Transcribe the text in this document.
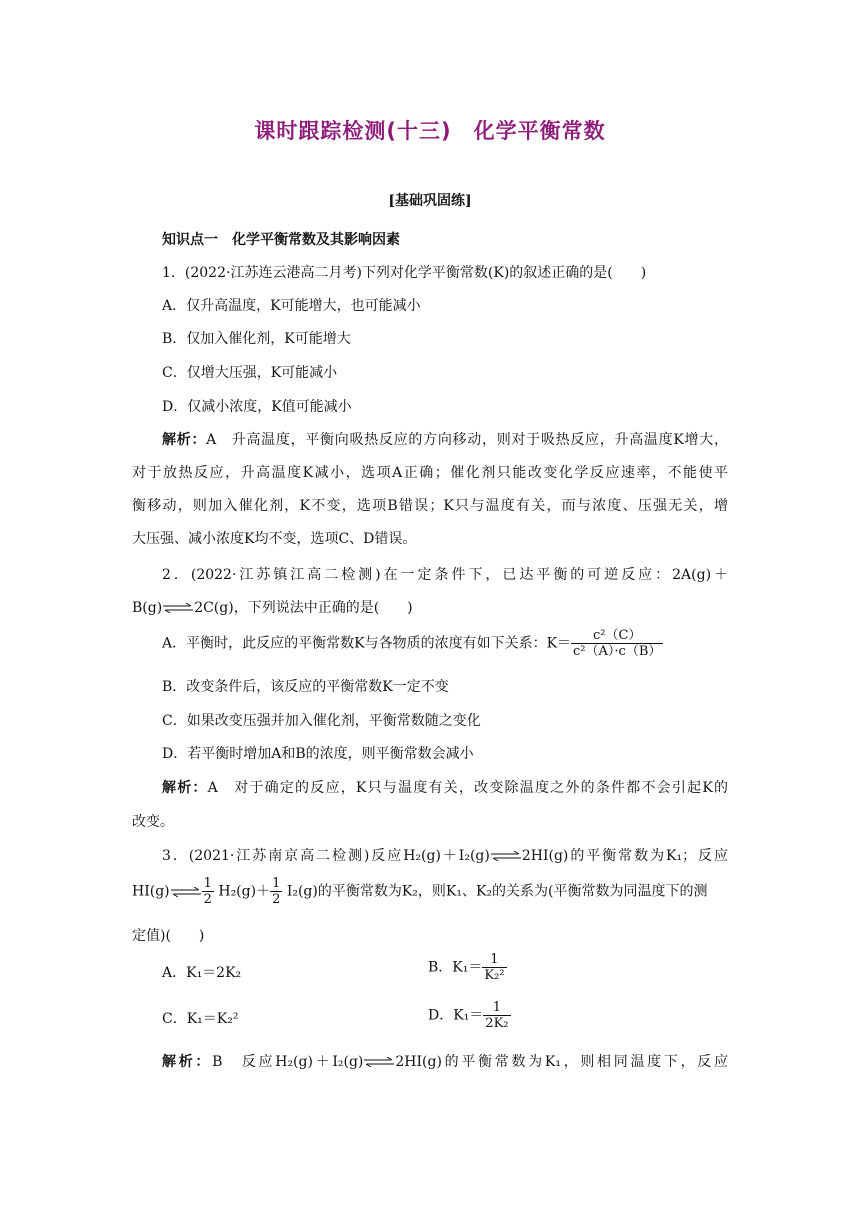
课时跟踪检测(十三)　化学平衡常数
[基础巩固练]
知识点一　化学平衡常数及其影响因素
1．(2022·江苏连云港高二月考)下列对化学平衡常数(K)的叙述正确的是(　　)
A．仅升高温度，K可能增大，也可能减小
B．仅加入催化剂，K可能增大
C．仅增大压强，K可能减小
D．仅减小浓度，K值可能减小
解析：A　升高温度，平衡向吸热反应的方向移动，则对于吸热反应，升高温度K增大，
对于放热反应，升高温度K减小，选项A正确；催化剂只能改变化学反应速率，不能使平
衡移动，则加入催化剂，K不变，选项B错误；K只与温度有关，而与浓度、压强无关，增
大压强、减小浓度K均不变，选项C、D错误。
2．(2022·江苏镇江高二检测)在一定条件下，已达平衡的可逆反应：2A(g)＋
B(g)⇌2C(g)，下列说法中正确的是(　　)
A．平衡时，此反应的平衡常数K与各物质的浓度有如下关系：$K= \frac{\text{c²（C）}}{\text{c²（A）·c（B）}}$
B．改变条件后，该反应的平衡常数K一定不变
C．如果改变压强并加入催化剂，平衡常数随之变化
D．若平衡时增加A和B的浓度，则平衡常数会减小
解析：A　对于确定的反应，K只与温度有关，改变除温度之外的条件都不会引起K的
改变。
3．(2021·江苏南京高二检测)反应H₂(g)＋I₂(g)⇌2HI(g)的平衡常数为K₁；反应
HI(g)⇌ $\frac{1}{2} H_2(g)+ \frac{1}{2} I_2(g)$的平衡常数为K₂，则K₁、K₂的关系为(平衡常数为同温度下的测
定值)(　　)
A．K₁＝2K₂	B．$K_1= \frac{1}{\text{K₂²}}$
C．K₁＝K₂²	D．$K_1= \frac{1}{\text{2K₂}}$
解析：B　反应H₂(g)＋I₂(g)⇌2HI(g)的平衡常数为K₁，则相同温度下，反应
